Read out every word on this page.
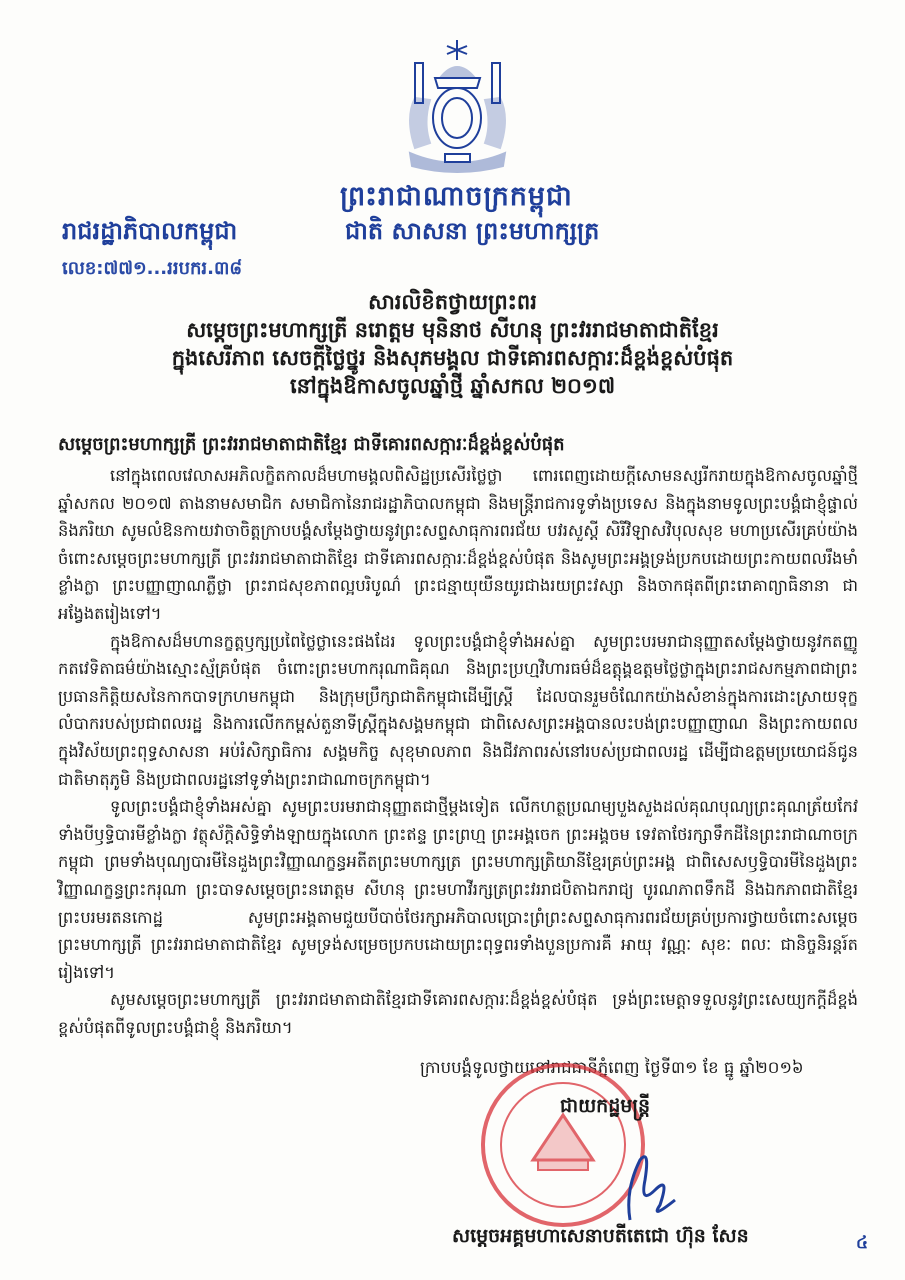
ព្រះរាជាណាចក្រកម្ពុជា
ជាតិ សាសនា ព្រះមហាក្សត្រ
រាជរដ្ឋាភិបាលកម្ពុជា
លេខ:៧៧១...ររបករ.៣៨
សារលិខិតថ្វាយព្រះពរ
សម្តេចព្រះមហាក្សត្រី នរោត្តម មុនិនាថ សីហនុ ព្រះវររាជមាតាជាតិខ្មែរ
ក្នុងសេរីភាព សេចក្តីថ្លៃថ្នូរ និងសុភមង្គល ជាទីគោរពសក្ការៈដ៏ខ្ពង់ខ្ពស់បំផុត
នៅក្នុងឱកាសចូលឆ្នាំថ្មី ឆ្នាំសកល ២០១៧
សម្តេចព្រះមហាក្សត្រី ព្រះវររាជមាតាជាតិខ្មែរ ជាទីគោរពសក្ការៈដ៏ខ្ពង់ខ្ពស់បំផុត

នៅក្នុងពេលវេលាសអភិលក្ខិតកាលដ៏មហាមង្គលពិសិដ្ឋប្រសើរថ្លៃថ្លា ពោរពេញដោយក្តីសោមនស្សរីករាយក្នុងឱកាសចូលឆ្នាំថ្មី ឆ្នាំសកល ២០១៧ តាងនាមសមាជិក សមាជិកានៃរាជរដ្ឋាភិបាលកម្ពុជា និងមន្ត្រីរាជការទូទាំងប្រទេស និងក្នុងនាមទូលព្រះបង្គំជាខ្ញុំផ្ទាល់ និងភរិយា សូមលំឱនកាយវាចាចិត្តក្រាបបង្គំសម្តែងថ្វាយនូវព្រះសព្ទសាធុការពរជ័យ បវរសួស្តី សិរីវិឡាសវិបុលសុខ មហាប្រសើរគ្រប់យ៉ាង ចំពោះសម្តេចព្រះមហាក្សត្រី ព្រះវររាជមាតាជាតិខ្មែរ ជាទីគោរពសក្ការៈដ៏ខ្ពង់ខ្ពស់បំផុត និងសូមព្រះអង្គទ្រង់ប្រកបដោយព្រះកាយពលរឹងមាំខ្លាំងក្លា ព្រះបញ្ញាញាណភ្លឺថ្លា ព្រះរាជសុខភាពល្អបរិបូណ៌ ព្រះជន្មាយុយឺនយូរជាងរយព្រះវស្សា និងចាកផុតពីព្រះរោគាព្យាធិនានា ជាអង្វែងតរៀងទៅ។

ក្នុងឱកាសដ៏មហានក្ខត្តឫក្សប្រពៃថ្លៃថ្លានេះផងដែរ ទូលព្រះបង្គំជាខ្ញុំទាំងអស់គ្នា សូមព្រះបរមរាជានុញ្ញាតសម្តែងថ្វាយនូវកតញ្ញូកតវេទិតាធម៌យ៉ាងស្មោះស្ម័គ្របំផុត ចំពោះព្រះមហាករុណាធិគុណ និងព្រះប្រហ្មវិហារធម៌ដ៏ឧត្តុង្គឧត្តមថ្លៃថ្លាក្នុងព្រះរាជសកម្មភាពជាព្រះប្រធានកិត្តិយសនៃកាកបាទក្រហមកម្ពុជា និងក្រុមប្រឹក្សាជាតិកម្ពុជាដើម្បីស្ត្រី ដែលបានរួមចំណែកយ៉ាងសំខាន់ក្នុងការដោះស្រាយទុក្ខលំបាករបស់ប្រជាពលរដ្ឋ និងការលើកកម្ពស់តួនាទីស្ត្រីក្នុងសង្គមកម្ពុជា ជាពិសេសព្រះអង្គបានលះបង់ព្រះបញ្ញាញាណ និងព្រះកាយពលក្នុងវិស័យព្រះពុទ្ធសាសនា អប់រំសិក្សាធិការ សង្គមកិច្ច សុខុមាលភាព និងជីវភាពរស់នៅរបស់ប្រជាពលរដ្ឋ ដើម្បីជាឧត្តមប្រយោជន៍ជូនជាតិមាតុភូមិ និងប្រជាពលរដ្ឋនៅទូទាំងព្រះរាជាណាចក្រកម្ពុជា។

ទូលព្រះបង្គំជាខ្ញុំទាំងអស់គ្នា សូមព្រះបរមរាជានុញ្ញាតជាថ្មីម្តងទៀត លើកហត្ថប្រណម្យបួងសួងដល់គុណបុណ្យព្រះគុណត្រ័យកែវទាំងបីឫទ្ធិបារមីខ្លាំងក្លា វត្ថុស័ក្តិសិទ្ធិទាំងឡាយក្នុងលោក ព្រះឥន្ទ ព្រះព្រហ្ម ព្រះអង្គចេក ព្រះអង្គចម ទេវតាថែរក្សាទឹកដីនៃព្រះរាជាណាចក្រកម្ពុជា ព្រមទាំងបុណ្យបារមីនៃដួងព្រះវិញ្ញាណក្ខន្ធអតីតព្រះមហាក្សត្រ ព្រះមហាក្សត្រិយានីខ្មែរគ្រប់ព្រះអង្គ ជាពិសេសឫទ្ធិបារមីនៃដួងព្រះវិញ្ញាណក្ខន្ធព្រះករុណា ព្រះបាទសម្តេចព្រះនរោត្តម សីហនុ ព្រះមហាវីរក្សត្រព្រះវររាជបិតាឯករាជ្យ បូរណភាពទឹកដី និងឯកភាពជាតិខ្មែរ ព្រះបរមរតនកោដ្ឋ សូមព្រះអង្គតាមជួយបីបាច់ថែរក្សាអភិបាលប្រោះព្រំព្រះសព្ទសាធុការពរជ័យគ្រប់ប្រការថ្វាយចំពោះសម្តេចព្រះមហាក្សត្រី ព្រះវររាជមាតាជាតិខ្មែរ សូមទ្រង់សម្រេចប្រកបដោយព្រះពុទ្ធពរទាំងបួនប្រការគឺ អាយុ វណ្ណៈ សុខៈ ពលៈ ជានិច្ចនិរន្តរ៍តរៀងទៅ។

សូមសម្តេចព្រះមហាក្សត្រី ព្រះវររាជមាតាជាតិខ្មែរជាទីគោរពសក្ការៈដ៏ខ្ពង់ខ្ពស់បំផុត ទ្រង់ព្រះមេត្តាទទួលនូវព្រះសេយ្យកក្តីដ៏ខ្ពង់ខ្ពស់បំផុតពីទូលព្រះបង្គំជាខ្ញុំ និងភរិយា។

ក្រាបបង្គំទូលថ្វាយនៅរាជធានីភ្នំពេញ ថ្ងៃទី៣១ ខែ ធ្នូ ឆ្នាំ២០១៦
ជាយកដ្ឋមន្ត្រី
សម្តេចអគ្គមហាសេនាបតីតេជោ ហ៊ុន សែន	៤
